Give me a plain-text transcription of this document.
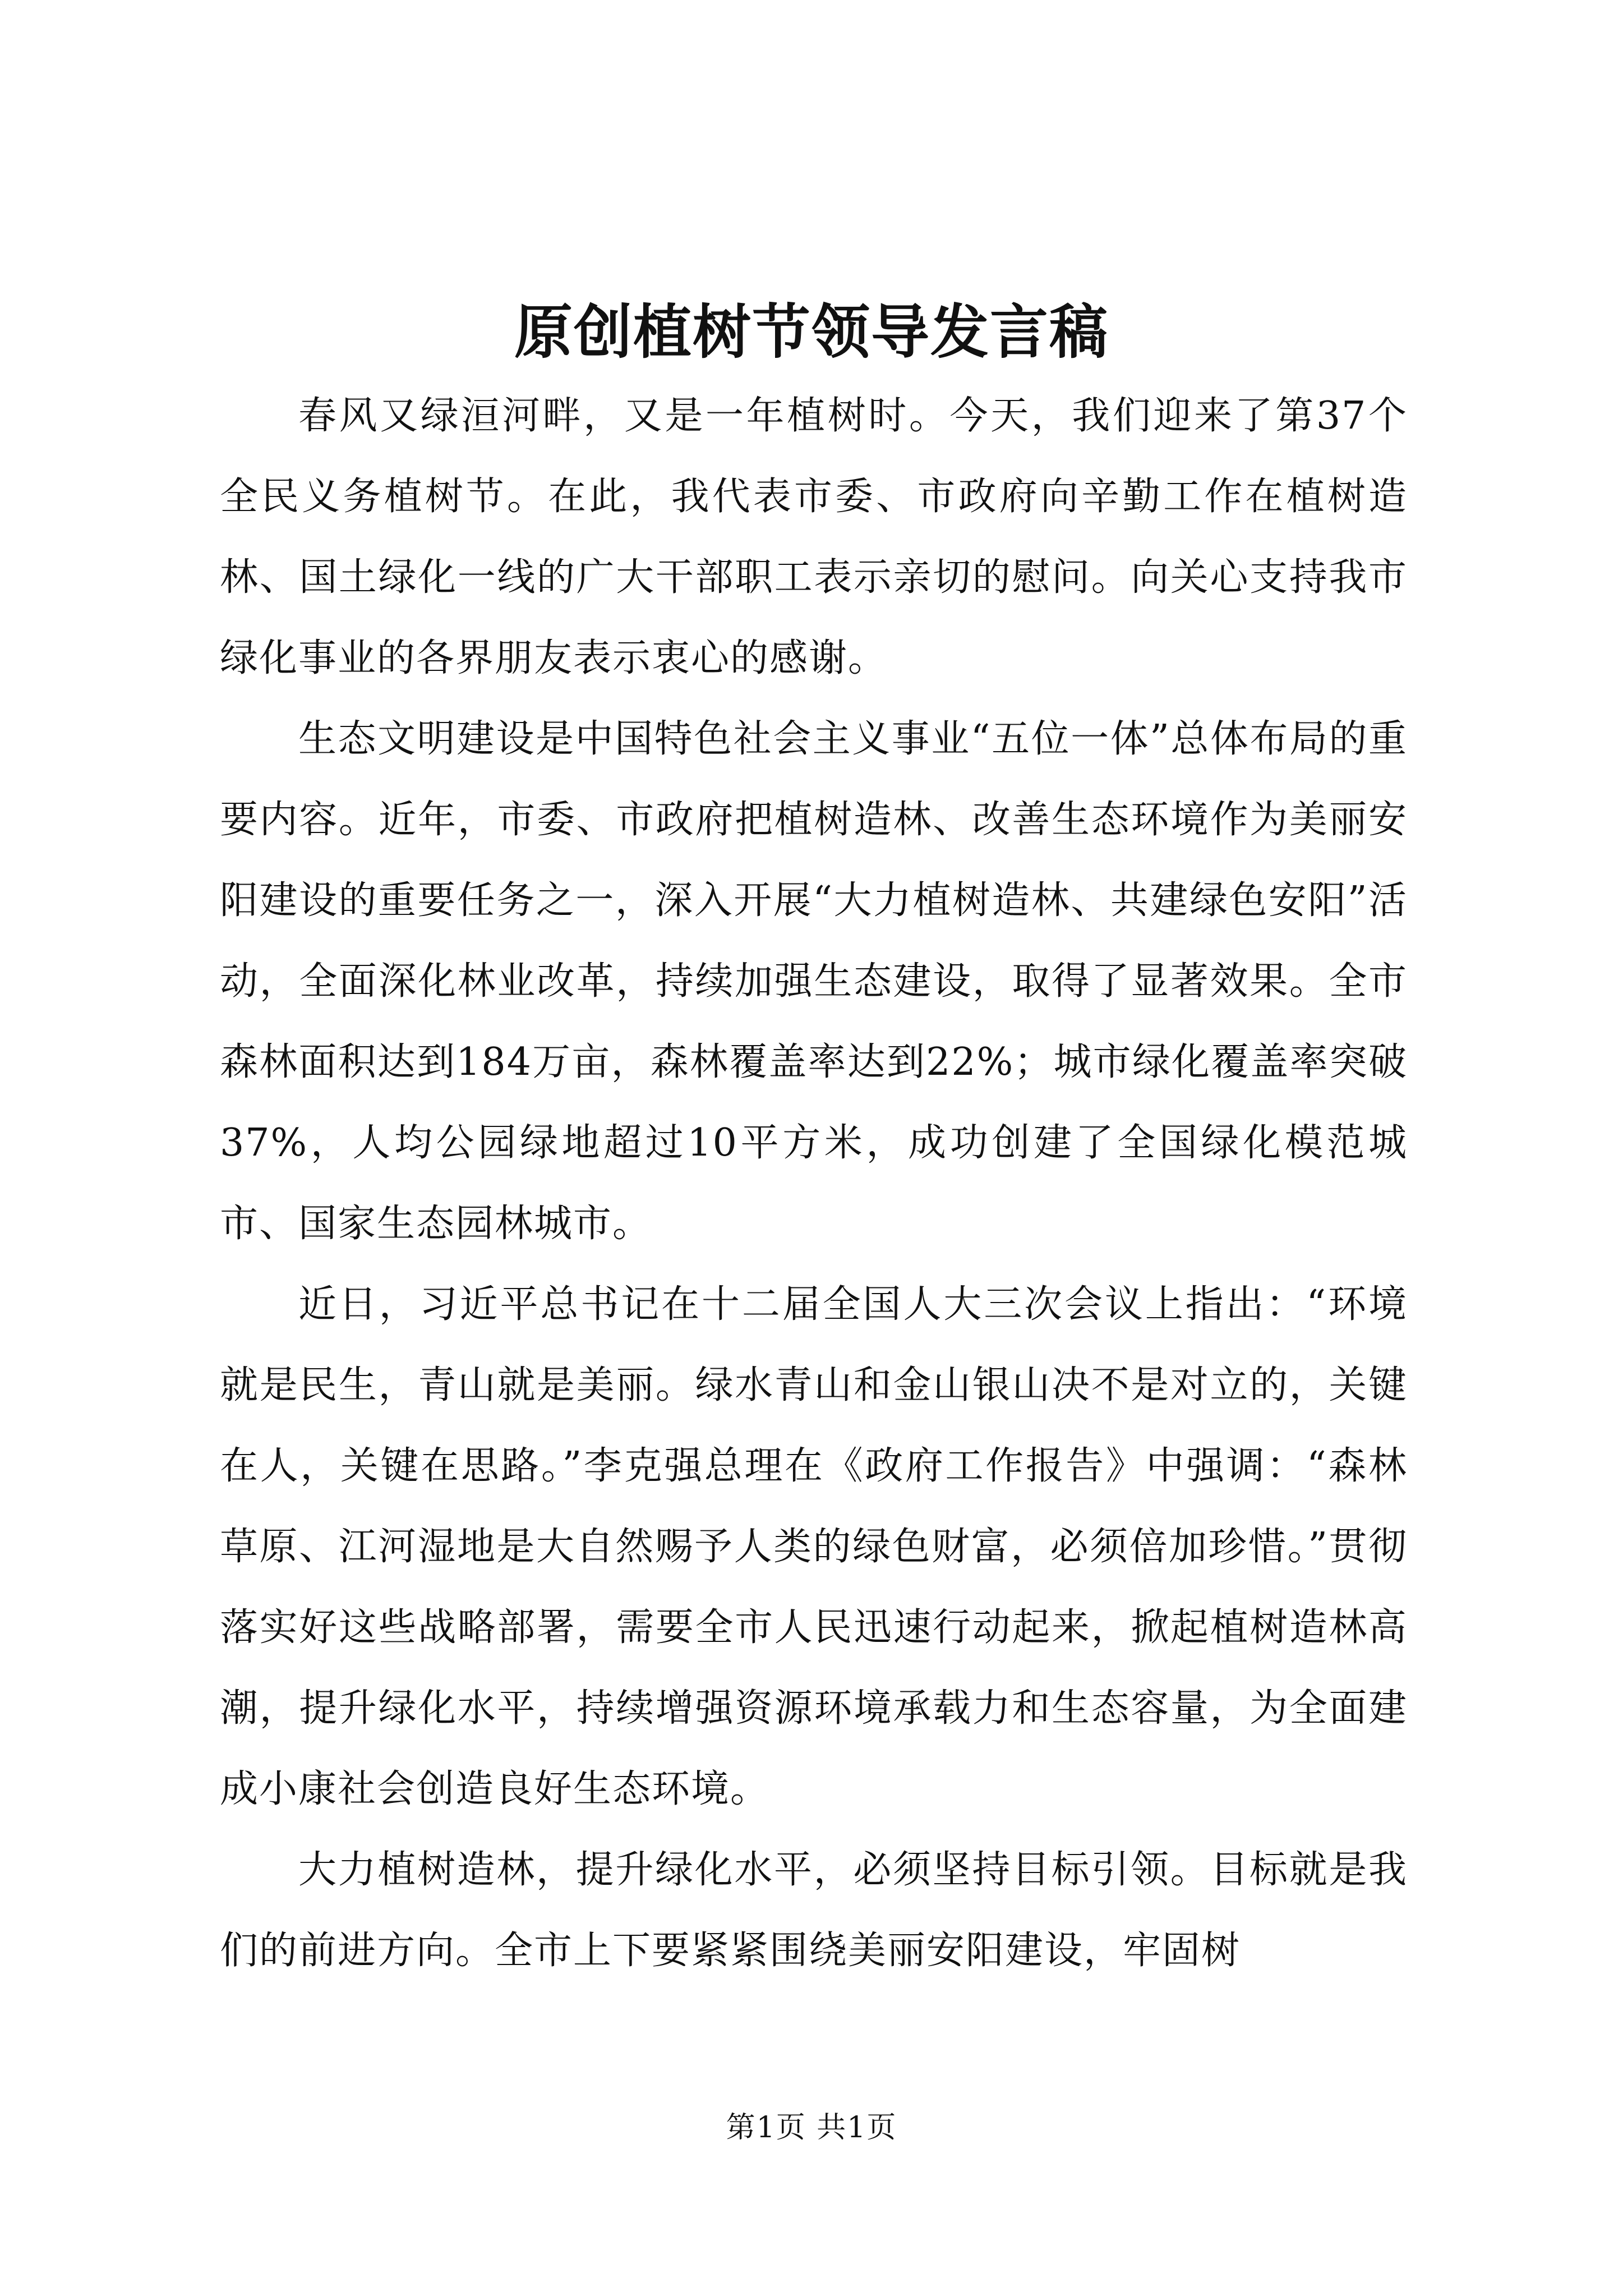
原创植树节领导发言稿

春风又绿洹河畔，又是一年植树时。今天，我们迎来了第37个全民义务植树节。在此，我代表市委、市政府向辛勤工作在植树造林、国土绿化一线的广大干部职工表示亲切的慰问。向关心支持我市绿化事业的各界朋友表示衷心的感谢。

生态文明建设是中国特色社会主义事业“五位一体”总体布局的重要内容。近年，市委、市政府把植树造林、改善生态环境作为美丽安阳建设的重要任务之一，深入开展“大力植树造林、共建绿色安阳”活动，全面深化林业改革，持续加强生态建设，取得了显著效果。全市森林面积达到184万亩，森林覆盖率达到22%；城市绿化覆盖率突破37%，人均公园绿地超过10平方米，成功创建了全国绿化模范城市、国家生态园林城市。

近日，习近平总书记在十二届全国人大三次会议上指出：“环境就是民生，青山就是美丽。绿水青山和金山银山决不是对立的，关键在人，关键在思路。”李克强总理在《政府工作报告》中强调：“森林草原、江河湿地是大自然赐予人类的绿色财富，必须倍加珍惜。”贯彻落实好这些战略部署，需要全市人民迅速行动起来，掀起植树造林高潮，提升绿化水平，持续增强资源环境承载力和生态容量，为全面建成小康社会创造良好生态环境。

大力植树造林，提升绿化水平，必须坚持目标引领。目标就是我们的前进方向。全市上下要紧紧围绕美丽安阳建设，牢固树

第1页 共1页
